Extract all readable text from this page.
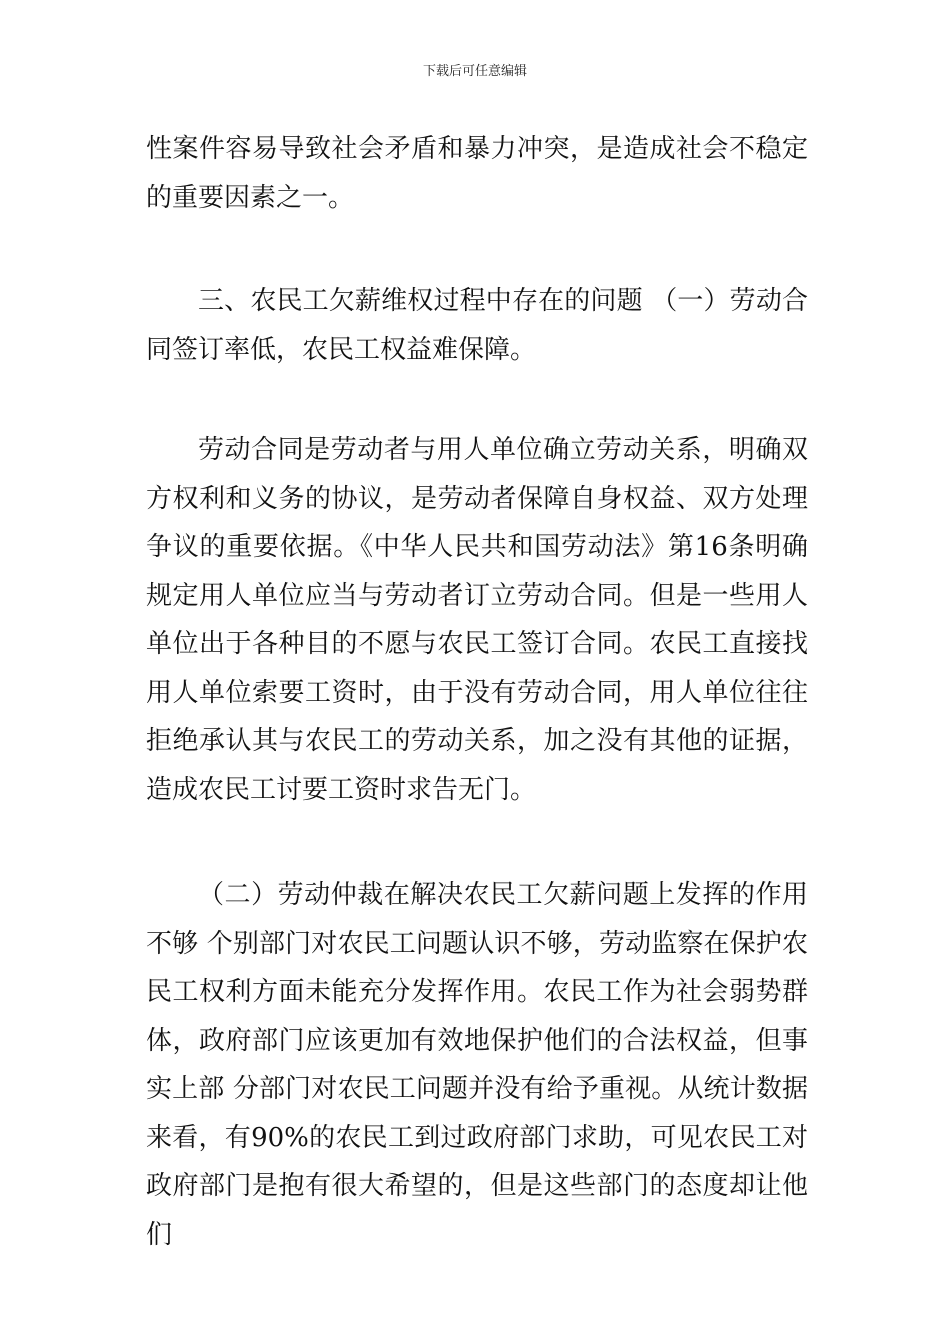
下载后可任意编辑

性案件容易导致社会矛盾和暴力冲突，是造成社会不稳定的重要因素之一。

三、农民工欠薪维权过程中存在的问题 （一）劳动合同签订率低，农民工权益难保障。

劳动合同是劳动者与用人单位确立劳动关系，明确双方权利和义务的协议，是劳动者保障自身权益、双方处理争议的重要依据。《中华人民共和国劳动法》第16条明确规定用人单位应当与劳动者订立劳动合同。但是一些用人单位出于各种目的不愿与农民工签订合同。农民工直接找用人单位索要工资时，由于没有劳动合同，用人单位往往拒绝承认其与农民工的劳动关系，加之没有其他的证据，造成农民工讨要工资时求告无门。

（二）劳动仲裁在解决农民工欠薪问题上发挥的作用不够 个别部门对农民工问题认识不够，劳动监察在保护农民工权利方面未能充分发挥作用。农民工作为社会弱势群体，政府部门应该更加有效地保护他们的合法权益，但事实上部 分部门对农民工问题并没有给予重视。从统计数据来看，有90%的农民工到过政府部门求助，可见农民工对政府部门是抱有很大希望的，但是这些部门的态度却让他们
